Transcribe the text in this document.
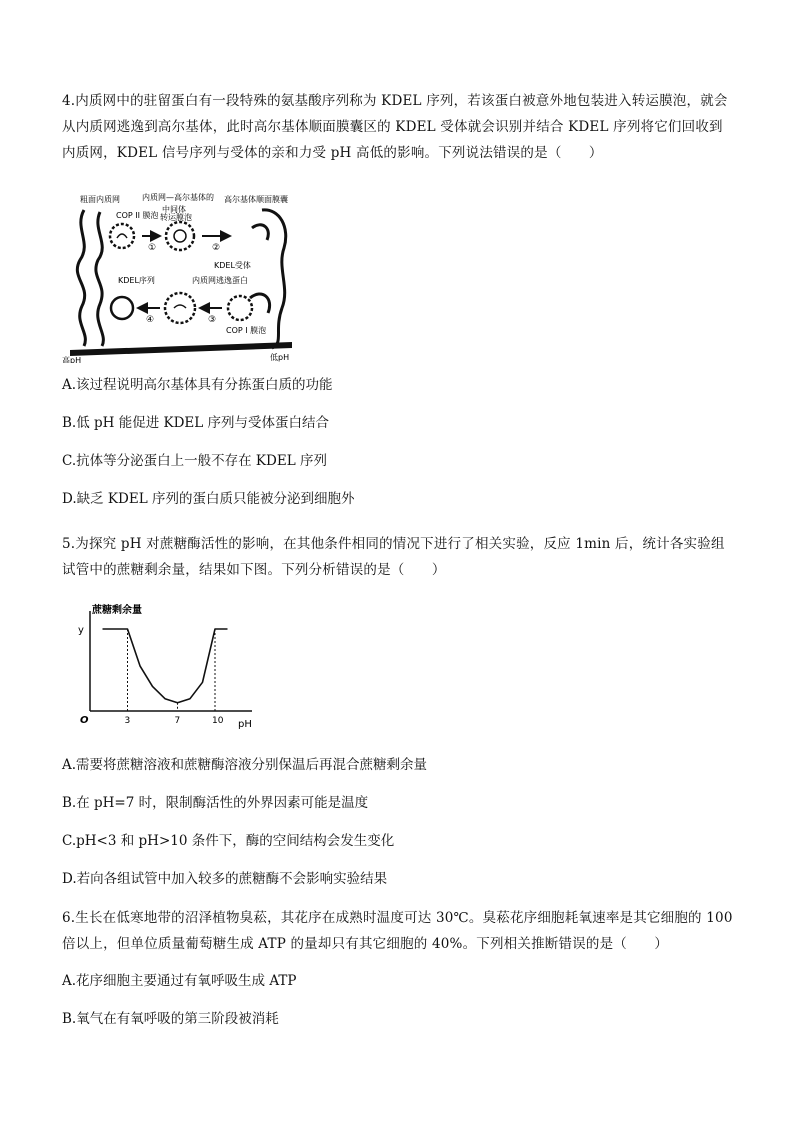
4.内质网中的驻留蛋白有一段特殊的氨基酸序列称为 KDEL 序列，若该蛋白被意外地包装进入转运膜泡，就会

从内质网逃逸到高尔基体，此时高尔基体顺面膜囊区的 KDEL 受体就会识别并结合 KDEL 序列将它们回收到

内质网，KDEL 信号序列与受体的亲和力受 pH 高低的影响。下列说法错误的是（　　）

粗面内质网	内质网—高尔基体的
中间体
高尔基体顺面膜囊
COP II 膜泡 转运膜泡
①	②
③
④
KDEL受体
KDEL序列	内质网逃逸蛋白
COP I 膜泡
高pH	低pH

A.该过程说明高尔基体具有分拣蛋白质的功能

B.低 pH 能促进 KDEL 序列与受体蛋白结合

C.抗体等分泌蛋白上一般不存在 KDEL 序列

D.缺乏 KDEL 序列的蛋白质只能被分泌到细胞外

5.为探究 pH 对蔗糖酶活性的影响，在其他条件相同的情况下进行了相关实验，反应 1min 后，统计各实验组

试管中的蔗糖剩余量，结果如下图。下列分析错误的是（　　）

蔗糖剩余量
O	pH
y
3	7	10

A.需要将蔗糖溶液和蔗糖酶溶液分别保温后再混合蔗糖剩余量

B.在 pH=7 时，限制酶活性的外界因素可能是温度

C.pH<3 和 pH>10 条件下，酶的空间结构会发生变化

D.若向各组试管中加入较多的蔗糖酶不会影响实验结果

6.生长在低寒地带的沼泽植物臭菘，其花序在成熟时温度可达 30℃。臭菘花序细胞耗氧速率是其它细胞的 100

倍以上，但单位质量葡萄糖生成 ATP 的量却只有其它细胞的 40%。下列相关推断错误的是（　　）

A.花序细胞主要通过有氧呼吸生成 ATP

B.氧气在有氧呼吸的第三阶段被消耗
